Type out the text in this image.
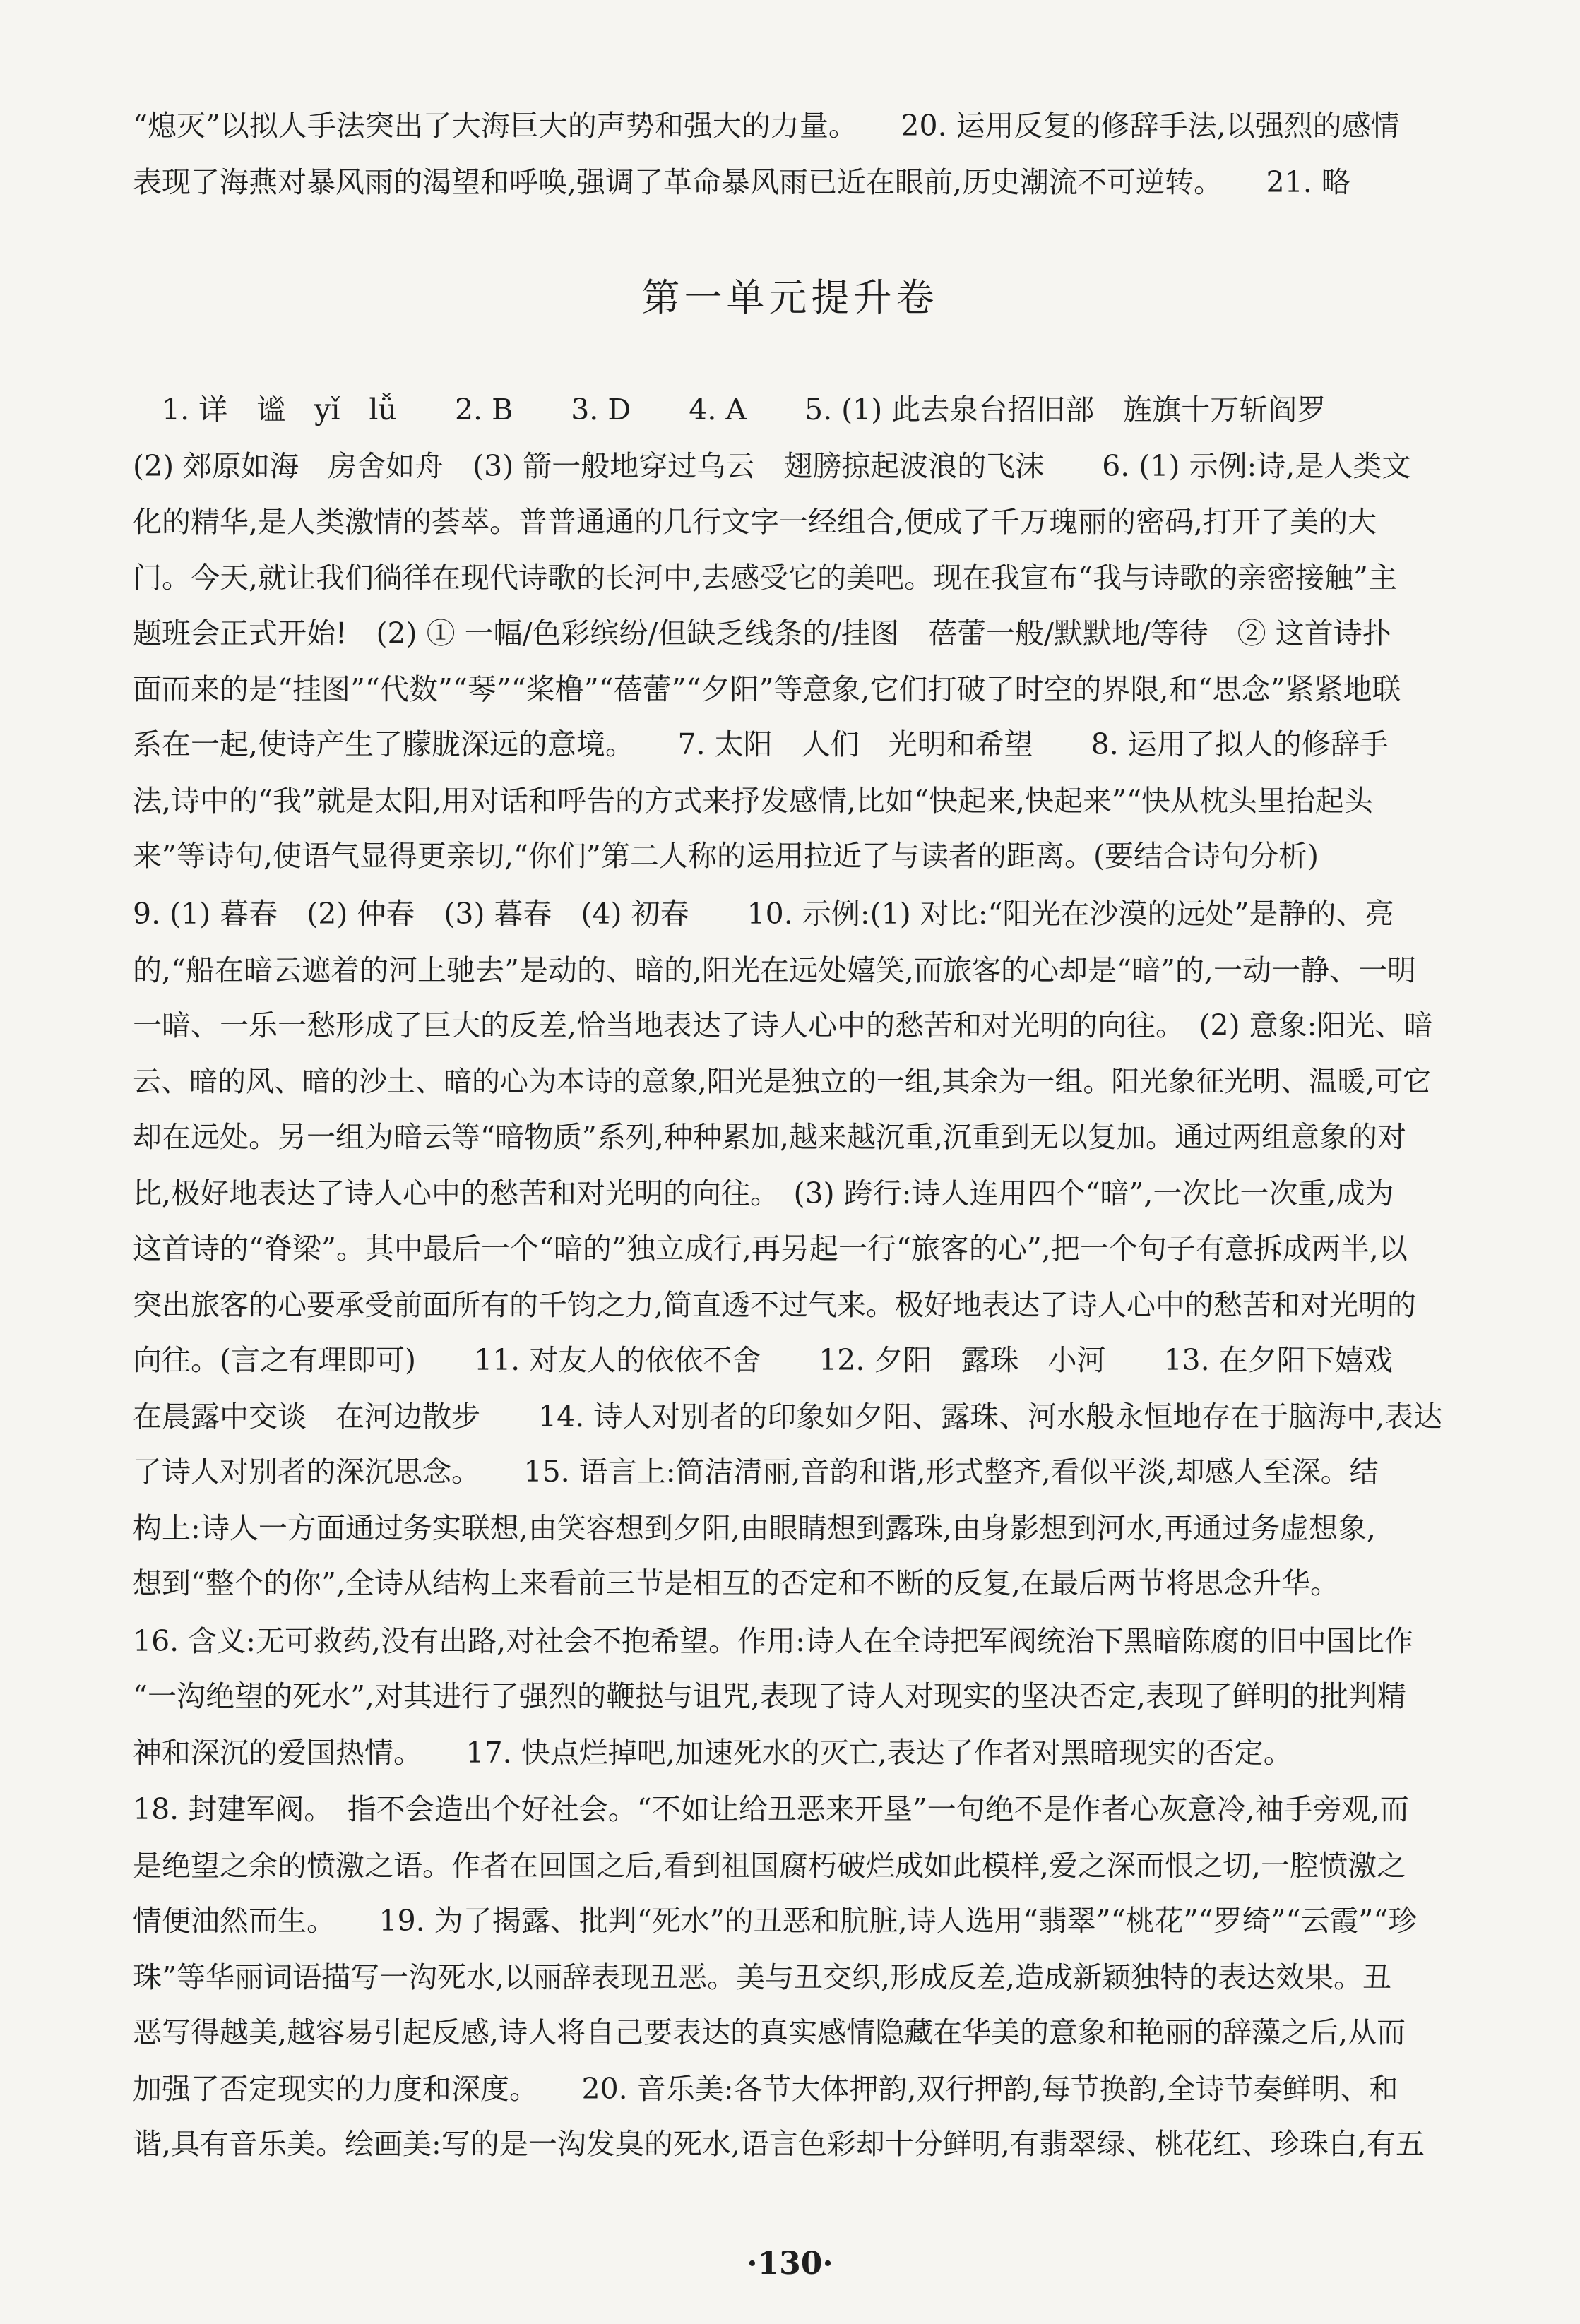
“熄灭”以拟人手法突出了大海巨大的声势和强大的力量。　　20. 运用反复的修辞手法,以强烈的感情

表现了海燕对暴风雨的渴望和呼唤,强调了革命暴风雨已近在眼前,历史潮流不可逆转。　　21. 略

第一单元提升卷

　1. 详　谧　yǐ　lǚ　　2. B　　3. D　　4. A　　5. (1) 此去泉台招旧部　旌旗十万斩阎罗

(2) 郊原如海　房舍如舟　(3) 箭一般地穿过乌云　翅膀掠起波浪的飞沫　　6. (1) 示例:诗,是人类文

化的精华,是人类激情的荟萃。普普通通的几行文字一经组合,便成了千万瑰丽的密码,打开了美的大

门。今天,就让我们徜徉在现代诗歌的长河中,去感受它的美吧。现在我宣布“我与诗歌的亲密接触”主

题班会正式开始!　(2) ① 一幅/色彩缤纷/但缺乏线条的/挂图　蓓蕾一般/默默地/等待　② 这首诗扑

面而来的是“挂图”“代数”“琴”“桨橹”“蓓蕾”“夕阳”等意象,它们打破了时空的界限,和“思念”紧紧地联

系在一起,使诗产生了朦胧深远的意境。　　7. 太阳　人们　光明和希望　　8. 运用了拟人的修辞手

法,诗中的“我”就是太阳,用对话和呼告的方式来抒发感情,比如“快起来,快起来”“快从枕头里抬起头

来”等诗句,使语气显得更亲切,“你们”第二人称的运用拉近了与读者的距离。(要结合诗句分析)

9. (1) 暮春　(2) 仲春　(3) 暮春　(4) 初春　　10. 示例:(1) 对比:“阳光在沙漠的远处”是静的、亮

的,“船在暗云遮着的河上驰去”是动的、暗的,阳光在远处嬉笑,而旅客的心却是“暗”的,一动一静、一明

一暗、一乐一愁形成了巨大的反差,恰当地表达了诗人心中的愁苦和对光明的向往。　(2) 意象:阳光、暗

云、暗的风、暗的沙土、暗的心为本诗的意象,阳光是独立的一组,其余为一组。阳光象征光明、温暖,可它

却在远处。另一组为暗云等“暗物质”系列,种种累加,越来越沉重,沉重到无以复加。通过两组意象的对

比,极好地表达了诗人心中的愁苦和对光明的向往。　(3) 跨行:诗人连用四个“暗”,一次比一次重,成为

这首诗的“脊梁”。其中最后一个“暗的”独立成行,再另起一行“旅客的心”,把一个句子有意拆成两半,以

突出旅客的心要承受前面所有的千钧之力,简直透不过气来。极好地表达了诗人心中的愁苦和对光明的

向往。(言之有理即可)　　11. 对友人的依依不舍　　12. 夕阳　露珠　小河　　13. 在夕阳下嬉戏

在晨露中交谈　在河边散步　　14. 诗人对别者的印象如夕阳、露珠、河水般永恒地存在于脑海中,表达

了诗人对别者的深沉思念。　　15. 语言上:简洁清丽,音韵和谐,形式整齐,看似平淡,却感人至深。结

构上:诗人一方面通过务实联想,由笑容想到夕阳,由眼睛想到露珠,由身影想到河水,再通过务虚想象,

想到“整个的你”,全诗从结构上来看前三节是相互的否定和不断的反复,在最后两节将思念升华。

16. 含义:无可救药,没有出路,对社会不抱希望。作用:诗人在全诗把军阀统治下黑暗陈腐的旧中国比作

“一沟绝望的死水”,对其进行了强烈的鞭挞与诅咒,表现了诗人对现实的坚决否定,表现了鲜明的批判精

神和深沉的爱国热情。　　17. 快点烂掉吧,加速死水的灭亡,表达了作者对黑暗现实的否定。

18. 封建军阀。　指不会造出个好社会。“不如让给丑恶来开垦”一句绝不是作者心灰意冷,袖手旁观,而

是绝望之余的愤激之语。作者在回国之后,看到祖国腐朽破烂成如此模样,爱之深而恨之切,一腔愤激之

情便油然而生。　　19. 为了揭露、批判“死水”的丑恶和肮脏,诗人选用“翡翠”“桃花”“罗绮”“云霞”“珍

珠”等华丽词语描写一沟死水,以丽辞表现丑恶。美与丑交织,形成反差,造成新颖独特的表达效果。丑

恶写得越美,越容易引起反感,诗人将自己要表达的真实感情隐藏在华美的意象和艳丽的辞藻之后,从而

加强了否定现实的力度和深度。　　20. 音乐美:各节大体押韵,双行押韵,每节换韵,全诗节奏鲜明、和

谐,具有音乐美。绘画美:写的是一沟发臭的死水,语言色彩却十分鲜明,有翡翠绿、桃花红、珍珠白,有五

·130·
